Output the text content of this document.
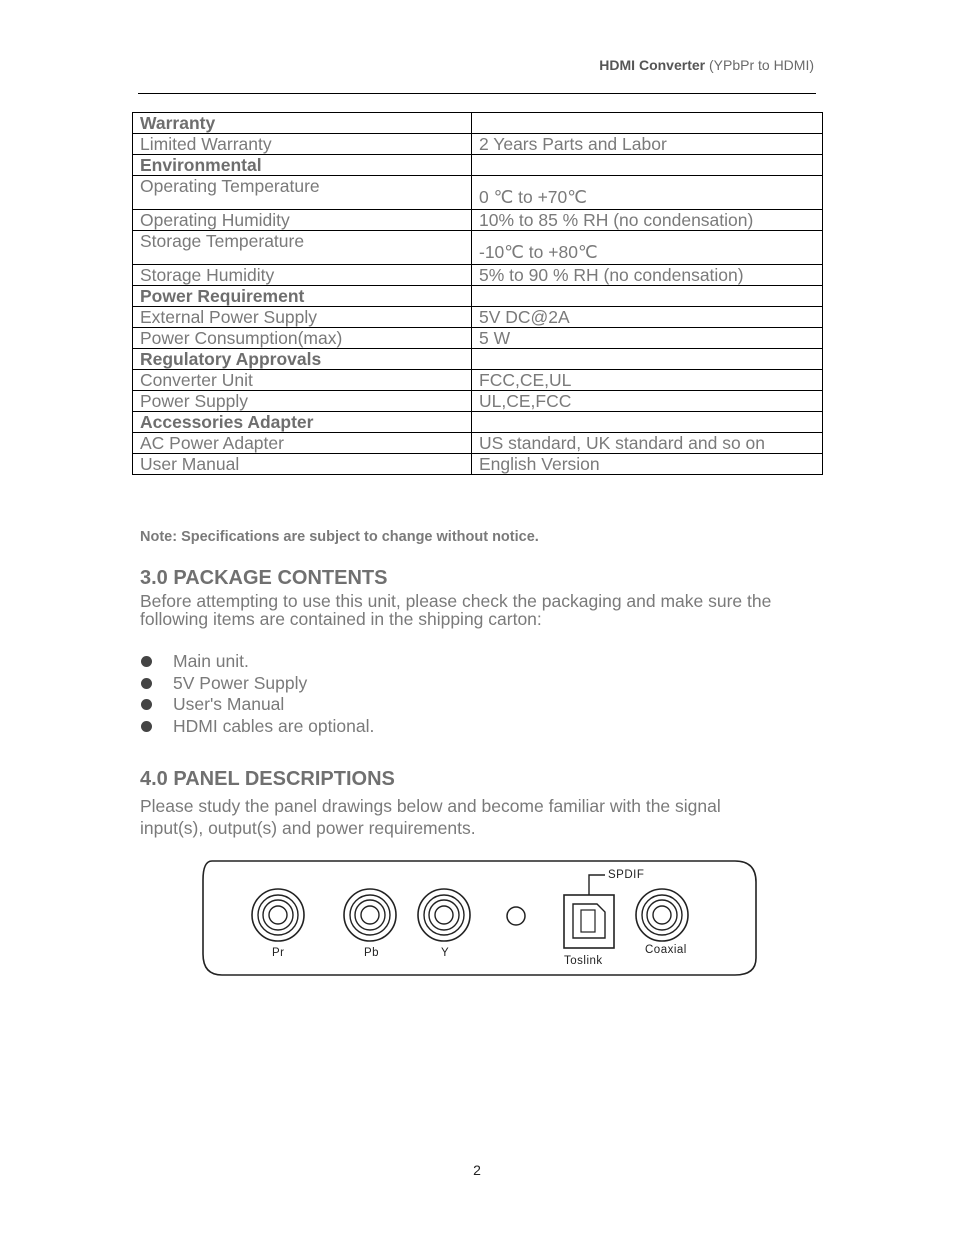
HDMI Converter (YPbPr to HDMI)
Warranty	
Limited Warranty	2 Years Parts and Labor
Environmental	
Operating Temperature	0 ℃ to +70℃
Operating Humidity	10% to 85 % RH (no condensation)
Storage Temperature	-10℃ to +80℃
Storage Humidity	5% to 90 % RH (no condensation)
Power Requirement	
External Power Supply	5V DC@2A
Power Consumption(max)	5 W
Regulatory Approvals	
Converter Unit	FCC,CE,UL
Power Supply	UL,CE,FCC
Accessories Adapter	
AC Power Adapter	US standard, UK standard and so on
User Manual	English Version
Note: Specifications are subject to change without notice.
3.0 PACKAGE CONTENTS
Before attempting to use this unit, please check the packaging and make sure the following items are contained in the shipping carton:
Main unit.
5V Power Supply
User's Manual
HDMI cables are optional.
4.0 PANEL DESCRIPTIONS
Please study the panel drawings below and become familiar with the signal input(s), output(s) and power requirements.
Pr	Pb	Y
Toslink
SPDIF
Coaxial
2
